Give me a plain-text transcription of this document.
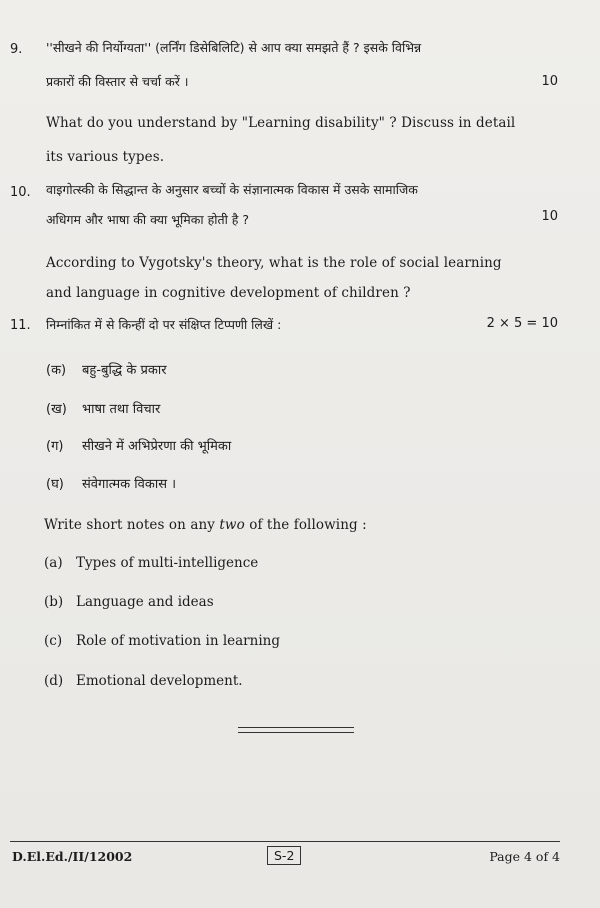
9. ''सीखने की निर्योग्यता'' (लर्निंग डिसेबिलिटि) से आप क्या समझते हैं ? इसके विभिन्न
प्रकारों की विस्तार से चर्चा करें ।	10
What do you understand by "Learning disability" ? Discuss in detail
its various types.
10. वाइगोत्स्की के सिद्धान्त के अनुसार बच्चों के संज्ञानात्मक विकास में उसके सामाजिक
अधिगम और भाषा की क्या भूमिका होती है ?	10
According to Vygotsky's theory, what is the role of social learning
and language in cognitive development of children ?
11. निम्नांकित में से किन्हीं दो पर संक्षिप्त टिप्पणी लिखें :	2 × 5 = 10
(क) बहु-बुद्धि के प्रकार
(ख) भाषा तथा विचार
(ग) सीखने में अभिप्रेरणा की भूमिका
(घ) संवेगात्मक विकास ।
Write short notes on any two of the following :
(a) Types of multi-intelligence
(b) Language and ideas
(c) Role of motivation in learning
(d) Emotional development.
D.El.Ed./II/12002	S-2	Page 4 of 4
